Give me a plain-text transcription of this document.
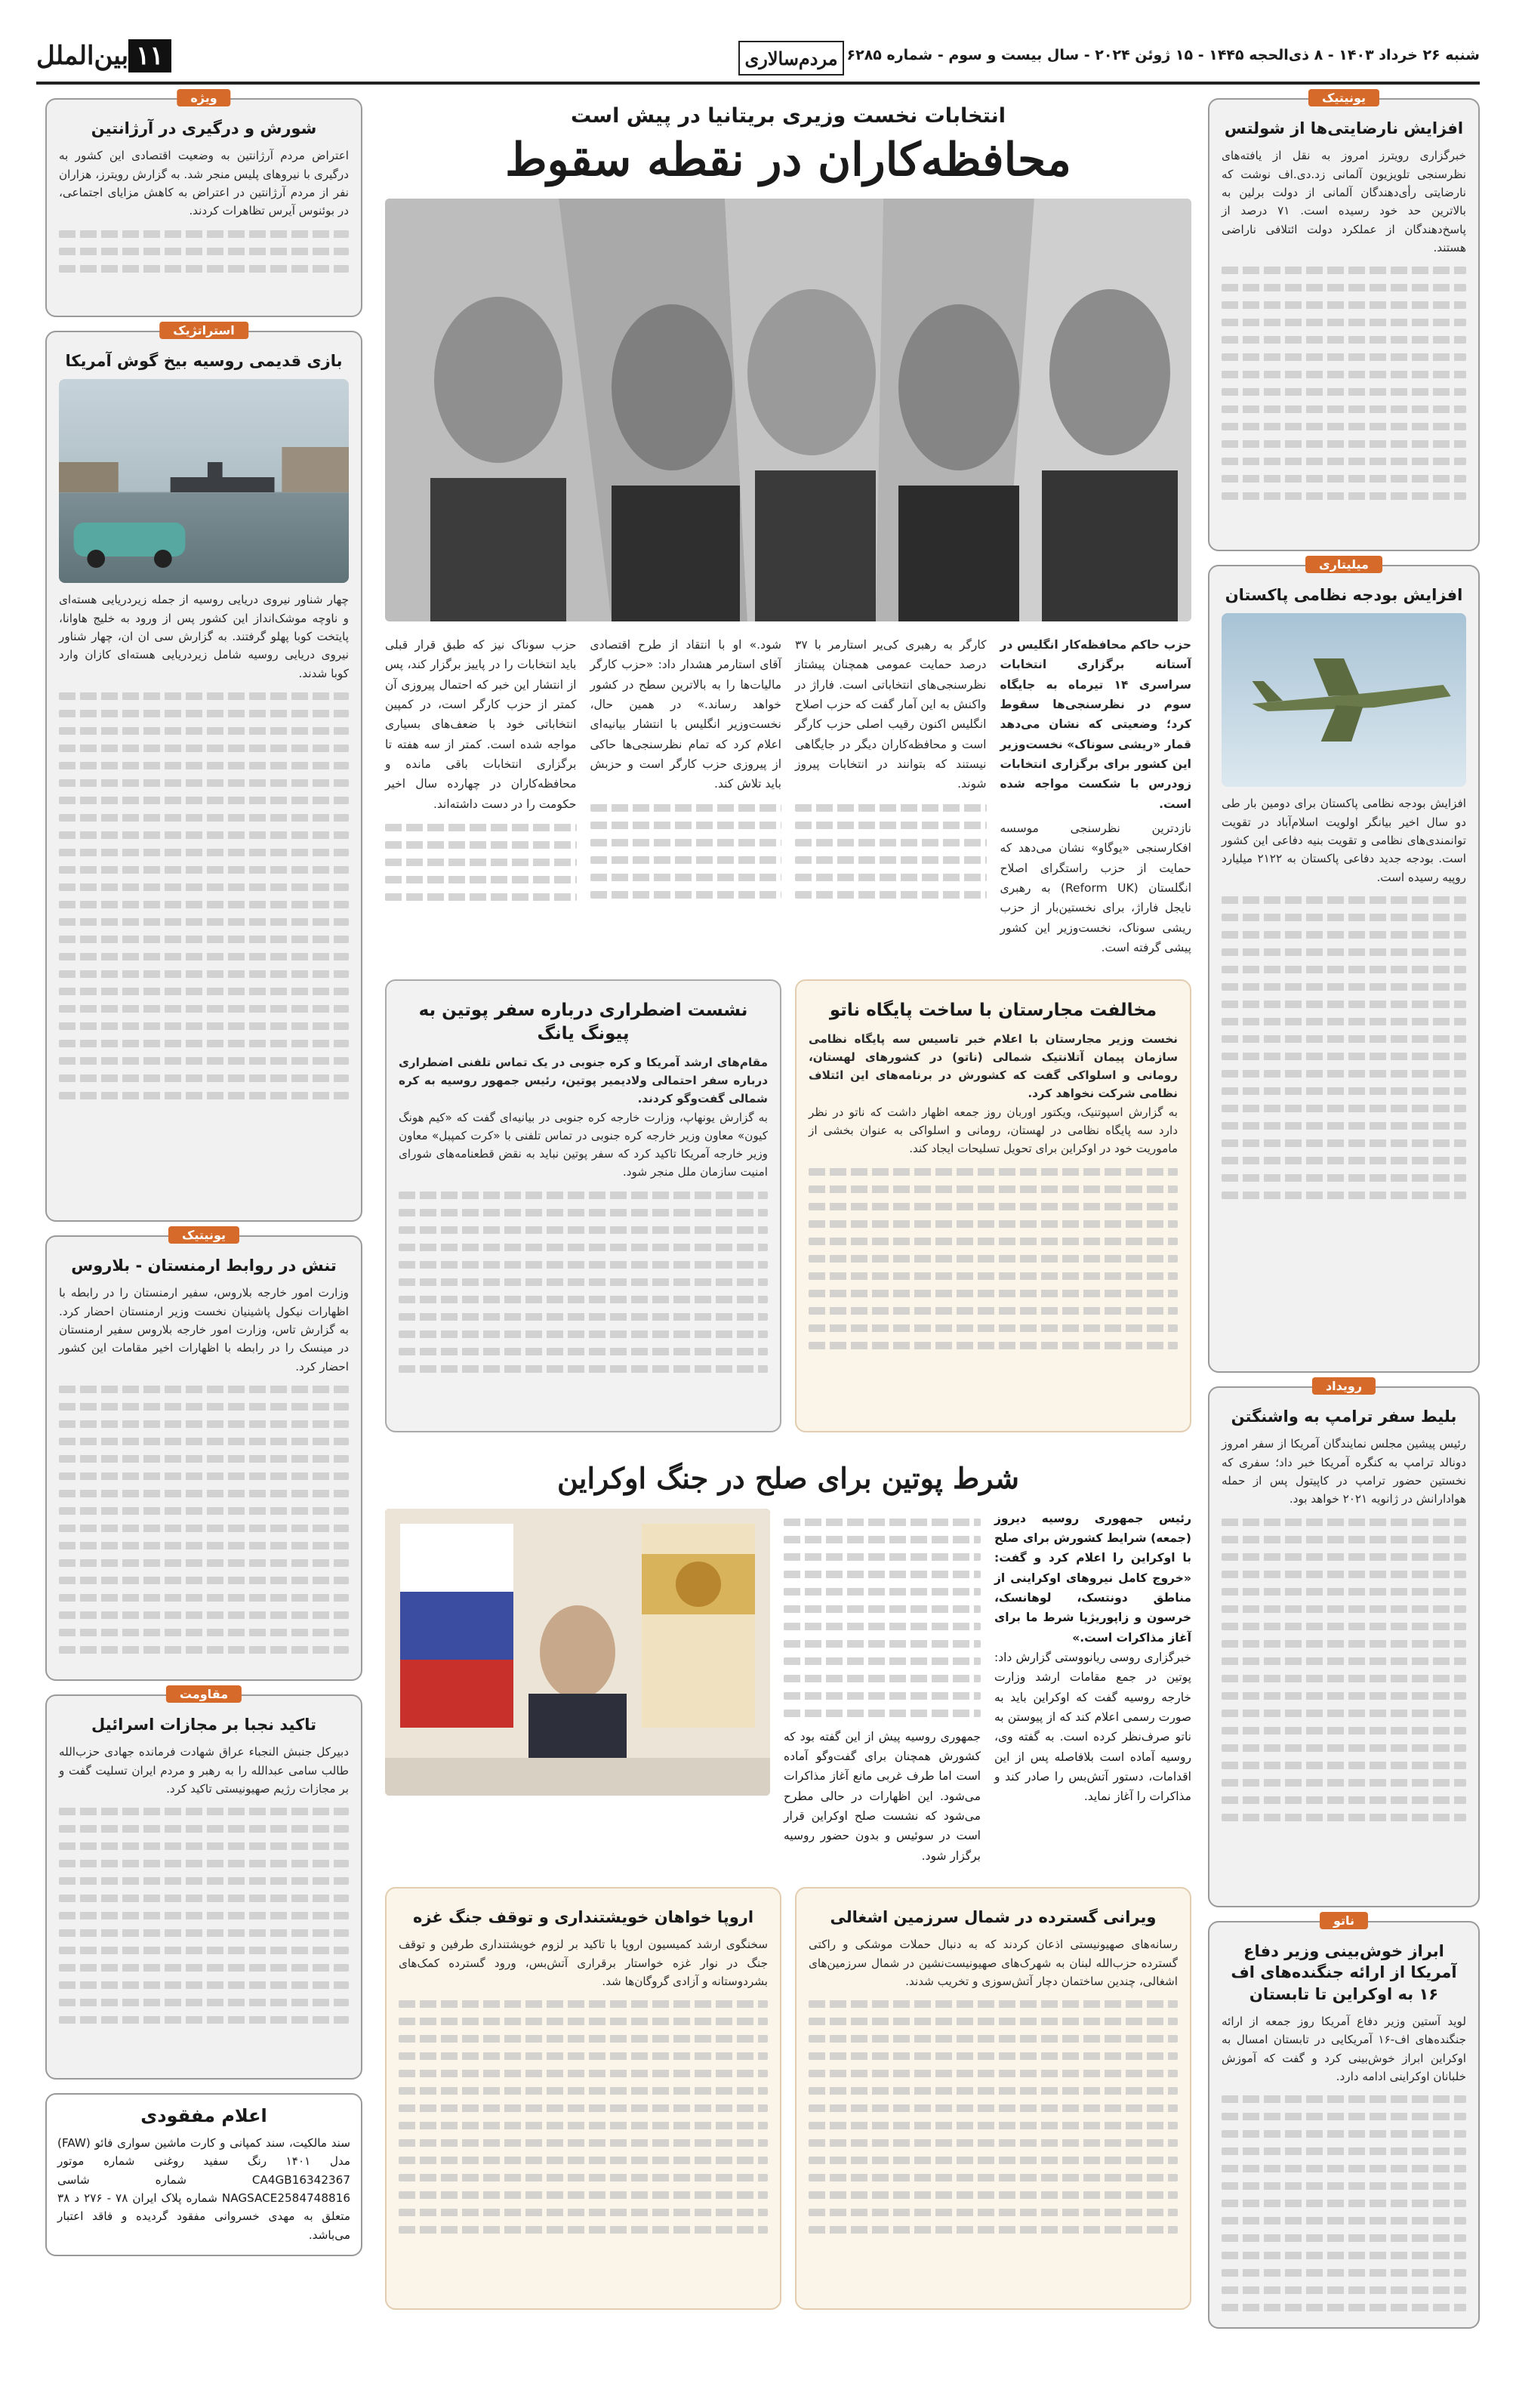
۱۱بین‌الملل	مردم‌سالاری شنبه ۲۶ خرداد ۱۴۰۳ - ۸ ذی‌الحجه ۱۴۴۵ - ۱۵ ژوئن ۲۰۲۴ - سال بیست و سوم - شماره ۶۲۸۵
یونیتیک
افزایش نارضایتی‌ها از شولتس

خبرگزاری رویترز امروز به نقل از یافته‌های نظرسنجی تلویزیون آلمانی زد.دی.اف نوشت که نارضایتی رأی‌دهندگان آلمانی از دولت برلین به بالاترین حد خود رسیده است. ۷۱ درصد از پاسخ‌دهندگان از عملکرد دولت ائتلافی ناراضی هستند.

میلیتاری
افزایش بودجه نظامی پاکستان

افزایش بودجه نظامی پاکستان برای دومین بار طی دو سال اخیر بیانگر اولویت اسلام‌آباد در تقویت توانمندی‌های نظامی و تقویت بنیه دفاعی این کشور است. بودجه جدید دفاعی پاکستان به ۲۱۲۲ میلیارد روپیه رسیده است.

رویداد
بلیط سفر ترامپ به واشنگتن

رئیس پیشین مجلس نمایندگان آمریکا از سفر امروز دونالد ترامپ به کنگره آمریکا خبر داد؛ سفری که نخستین حضور ترامپ در کاپیتول پس از حمله هوادارانش در ژانویه ۲۰۲۱ خواهد بود.

ناتو
ابراز خوش‌بینی وزیر دفاع آمریکا از ارائه جنگنده‌های اف ۱۶ به اوکراین تا تابستان

لوید آستین وزیر دفاع آمریکا روز جمعه از ارائه جنگنده‌های اف-۱۶ آمریکایی در تابستان امسال به اوکراین ابراز خوش‌بینی کرد و گفت که آموزش خلبانان اوکراینی ادامه دارد.

ویژه
شورش و درگیری در آرژانتین

اعتراض مردم آرژانتین به وضعیت اقتصادی این کشور به درگیری با نیروهای پلیس منجر شد. به گزارش رویترز، هزاران نفر از مردم آرژانتین در اعتراض به کاهش مزایای اجتماعی، در بوئنوس آیرس تظاهرات کردند.

استراتژیک
بازی قدیمی روسیه بیخ گوش آمریکا

چهار شناور نیروی دریایی روسیه از جمله زیردریایی هسته‌ای و ناوچه موشک‌انداز این کشور پس از ورود به خلیج هاوانا، پایتخت کوبا پهلو گرفتند. به گزارش سی ان ان، چهار شناور نیروی دریایی روسیه شامل زیردریایی هسته‌ای کازان وارد کوبا شدند.

یونیتیک
تنش در روابط ارمنستان - بلاروس

وزارت امور خارجه بلاروس، سفیر ارمنستان را در رابطه با اظهارات نیکول پاشینیان نخست وزیر ارمنستان احضار کرد. به گزارش تاس، وزارت امور خارجه بلاروس سفیر ارمنستان در مینسک را در رابطه با اظهارات اخیر مقامات این کشور احضار کرد.

مقاومت
تاکید نجبا بر مجازات اسرائیل

دبیرکل جنبش النجباء عراق شهادت فرمانده جهادی حزب‌الله طالب سامی عبدالله را به رهبر و مردم ایران تسلیت گفت و بر مجازات رژیم صهیونیستی تاکید کرد.

اعلام مفقودی

سند مالکیت، سند کمپانی و کارت ماشین سواری فائو (FAW) مدل ۱۴۰۱ رنگ سفید روغنی شماره موتور CA4GB16342367 شماره شاسی NAGSACE2584748816 شماره پلاک ایران ۷۸ - ۲۷۶ د ۳۸ متعلق به مهدی خسروانی مفقود گردیده و فاقد اعتبار می‌باشد.

انتخابات نخست وزیری بریتانیا در پیش است
محافظه‌کاران در نقطه سقوط

حزب حاکم محافظه‌کار انگلیس در آستانه برگزاری انتخابات سراسری ۱۴ تیرماه به جایگاه سوم در نظرسنجی‌ها سقوط کرد؛ وضعیتی که نشان می‌دهد قمار «ریشی سوناک» نخست‌وزیر این کشور برای برگزاری انتخابات زودرس با شکست مواجه شده است.

نازدترین نظرسنجی موسسه افکارسنجی «یوگاو» نشان می‌دهد که حمایت از حزب راستگرای اصلاح انگلستان (Reform UK) به رهبری نایجل فاراژ، برای نخستین‌بار از حزب ریشی سوناک، نخست‌وزیر این کشور پیشی گرفته است.

کارگر به رهبری کی‌یر استارمر با ۳۷ درصد حمایت عمومی همچنان پیشتاز نظرسنجی‌های انتخاباتی است. فاراژ در واکنش به این آمار گفت که حزب اصلاح انگلیس اکنون رقیب اصلی حزب کارگر است و محافظه‌کاران دیگر در جایگاهی نیستند که بتوانند در انتخابات پیروز شوند.

شود.» او با انتقاد از طرح اقتصادی آقای استارمر هشدار داد: «حزب کارگر مالیات‌ها را به بالاترین سطح در کشور خواهد رساند.» در همین حال، نخست‌وزیر انگلیس با انتشار بیانیه‌ای اعلام کرد که تمام نظرسنجی‌ها حاکی از پیروزی حزب کارگر است و حزبش باید تلاش کند.

حزب سوناک نیز که طبق قرار قبلی باید انتخابات را در پاییز برگزار کند، پس از انتشار این خبر که احتمال پیروزی آن کمتر از حزب کارگر است، در کمپین انتخاباتی خود با ضعف‌های بسیاری مواجه شده است. کمتر از سه هفته تا برگزاری انتخابات باقی مانده و محافظه‌کاران در چهارده سال اخیر حکومت را در دست داشته‌اند.

مخالفت مجارستان با ساخت پایگاه ناتو

نخست وزیر مجارستان با اعلام خبر تاسیس سه پایگاه نظامی سازمان پیمان آتلانتیک شمالی (ناتو) در کشورهای لهستان، رومانی و اسلواکی گفت که کشورش در برنامه‌های این ائتلاف نظامی شرکت نخواهد کرد.

به گزارش اسپوتنیک، ویکتور اوربان روز جمعه اظهار داشت که ناتو در نظر دارد سه پایگاه نظامی در لهستان، رومانی و اسلواکی به عنوان بخشی از ماموریت خود در اوکراین برای تحویل تسلیحات ایجاد کند.

نشست اضطراری درباره سفر پوتین به پیونگ یانگ

مقام‌های ارشد آمریکا و کره جنوبی در یک تماس تلفنی اضطراری درباره سفر احتمالی ولادیمیر پوتین، رئیس جمهور روسیه به کره شمالی گفت‌وگو کردند.

به گزارش یونهاپ، وزارت خارجه کره جنوبی در بیانیه‌ای گفت که «کیم هونگ کیون» معاون وزیر خارجه کره جنوبی در تماس تلفنی با «کرت کمپبل» معاون وزیر خارجه آمریکا تاکید کرد که سفر پوتین نباید به نقض قطعنامه‌های شورای امنیت سازمان ملل منجر شود.

شرط پوتین برای صلح در جنگ اوکراین

رئیس جمهوری روسیه دیروز (جمعه) شرایط کشورش برای صلح با اوکراین را اعلام کرد و گفت: «خروج کامل نیروهای اوکراینی از مناطق دونتسک، لوهانسک، خرسون و زاپوریژیا شرط ما برای آغاز مذاکرات است.»

خبرگزاری روسی ریانووستی گزارش داد: پوتین در جمع مقامات ارشد وزارت خارجه روسیه گفت که اوکراین باید به صورت رسمی اعلام کند که از پیوستن به ناتو صرف‌نظر کرده است. به گفته وی، روسیه آماده است بلافاصله پس از این اقدامات، دستور آتش‌بس را صادر کند و مذاکرات را آغاز نماید.

جمهوری روسیه پیش از این گفته بود که کشورش همچنان برای گفت‌وگو آماده است اما طرف غربی مانع آغاز مذاکرات می‌شود. این اظهارات در حالی مطرح می‌شود که نشست صلح اوکراین قرار است در سوئیس و بدون حضور روسیه برگزار شود.

ویرانی گسترده در شمال سرزمین اشغالی

رسانه‌های صهیونیستی اذعان کردند که به دنبال حملات موشکی و راکتی گسترده حزب‌الله لبنان به شهرک‌های صهیونیست‌نشین در شمال سرزمین‌های اشغالی، چندین ساختمان دچار آتش‌سوزی و تخریب شدند.

اروپا خواهان خویشتنداری و توقف جنگ غزه

سخنگوی ارشد کمیسیون اروپا با تاکید بر لزوم خویشتنداری طرفین و توقف جنگ در نوار غزه خواستار برقراری آتش‌بس، ورود گسترده کمک‌های بشردوستانه و آزادی گروگان‌ها شد.
